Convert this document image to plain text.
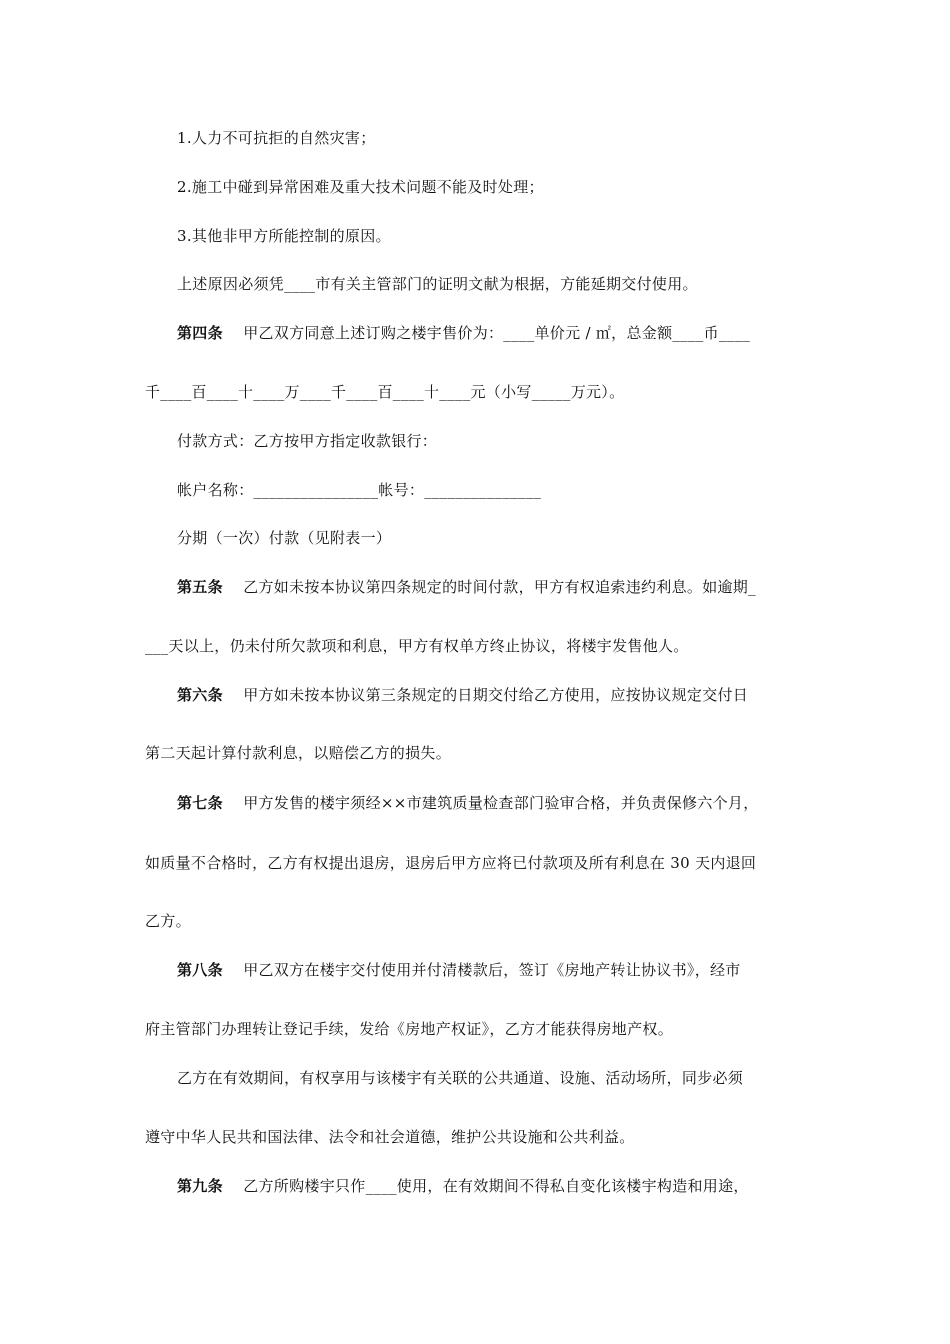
1.人力不可抗拒的自然灾害；
2.施工中碰到异常困难及重大技术问题不能及时处理；
3.其他非甲方所能控制的原因。
上述原因必须凭____市有关主管部门的证明文献为根据，方能延期交付使用。
第四条 甲乙双方同意上述订购之楼宇售价为：____单价元 / ㎡，总金额____币____
千____百____十____万____千____百____十____元（小写_____万元）。
付款方式：乙方按甲方指定收款银行：
帐户名称：________________帐号：_______________
分期（一次）付款（见附表一）
第五条 乙方如未按本协议第四条规定的时间付款，甲方有权追索违约利息。如逾期_
___天以上，仍未付所欠款项和利息，甲方有权单方终止协议，将楼宇发售他人。
第六条 甲方如未按本协议第三条规定的日期交付给乙方使用，应按协议规定交付日
第二天起计算付款利息，以赔偿乙方的损失。
第七条 甲方发售的楼宇须经××市建筑质量检查部门验审合格，并负责保修六个月，
如质量不合格时，乙方有权提出退房，退房后甲方应将已付款项及所有利息在 30 天内退回
乙方。
第八条 甲乙双方在楼宇交付使用并付清楼款后，签订《房地产转让协议书》，经市
府主管部门办理转让登记手续，发给《房地产权证》，乙方才能获得房地产权。
乙方在有效期间，有权享用与该楼宇有关联的公共通道、设施、活动场所，同步必须
遵守中华人民共和国法律、法令和社会道德，维护公共设施和公共利益。
第九条 乙方所购楼宇只作____使用，在有效期间不得私自变化该楼宇构造和用途，
